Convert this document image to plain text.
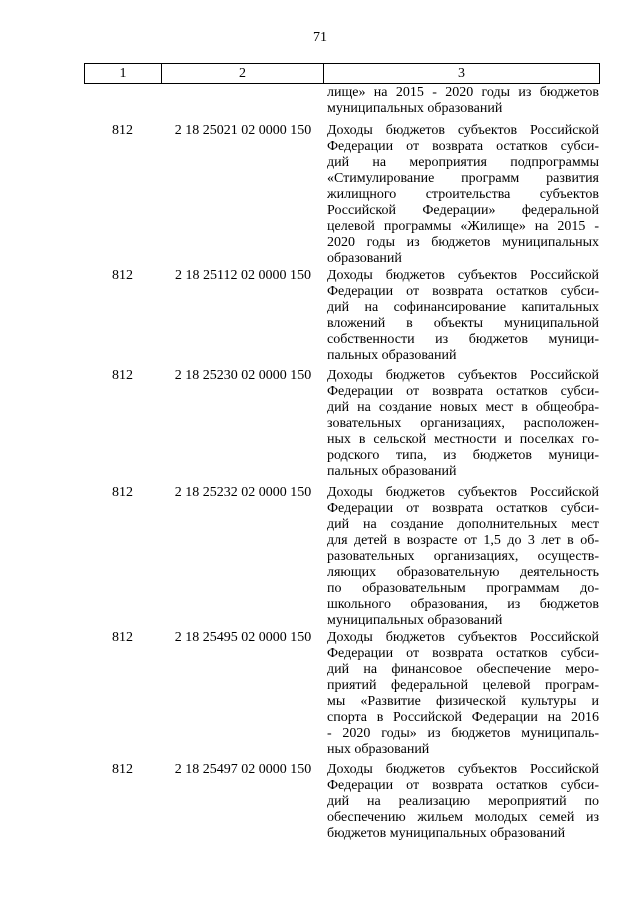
71
1	2	3
лище» на 2015 - 2020 годы из бюджетов
муниципальных образований
812	2 18 25021 02 0000 150	Доходы бюджетов субъектов Российской
Федерации от возврата остатков субси-
дий на мероприятия подпрограммы
«Стимулирование программ развития
жилищного строительства субъектов
Российской Федерации» федеральной
целевой программы «Жилище» на 2015 -
2020 годы из бюджетов муниципальных
образований
812	2 18 25112 02 0000 150	Доходы бюджетов субъектов Российской
Федерации от возврата остатков субси-
дий на софинансирование капитальных
вложений в объекты муниципальной
собственности из бюджетов муници-
пальных образований
812	2 18 25230 02 0000 150	Доходы бюджетов субъектов Российской
Федерации от возврата остатков субси-
дий на создание новых мест в общеобра-
зовательных организациях, расположен-
ных в сельской местности и поселках го-
родского типа, из бюджетов муници-
пальных образований
812	2 18 25232 02 0000 150	Доходы бюджетов субъектов Российской
Федерации от возврата остатков субси-
дий на создание дополнительных мест
для детей в возрасте от 1,5 до 3 лет в об-
разовательных организациях, осуществ-
ляющих образовательную деятельность
по образовательным программам до-
школьного образования, из бюджетов
муниципальных образований
812	2 18 25495 02 0000 150	Доходы бюджетов субъектов Российской
Федерации от возврата остатков субси-
дий на финансовое обеспечение меро-
приятий федеральной целевой програм-
мы «Развитие физической культуры и
спорта в Российской Федерации на 2016
- 2020 годы» из бюджетов муниципаль-
ных образований
812	2 18 25497 02 0000 150	Доходы бюджетов субъектов Российской
Федерации от возврата остатков субси-
дий на реализацию мероприятий по
обеспечению жильем молодых семей из
бюджетов муниципальных образований
